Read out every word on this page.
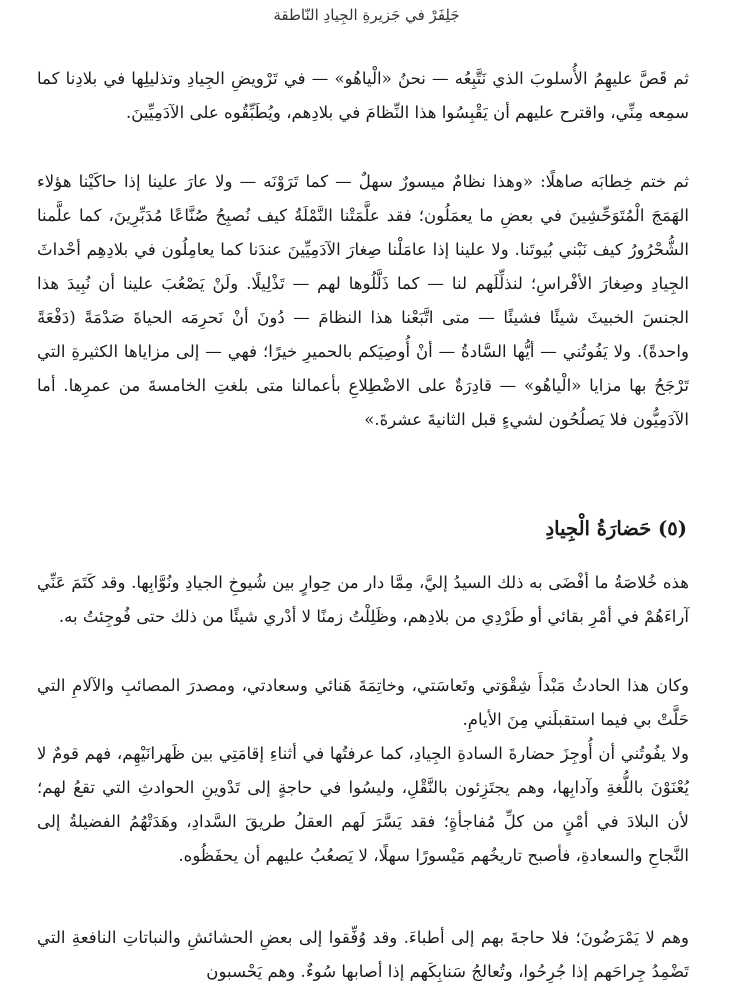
جَلِفَرْ في جَزيرةِ الجِيادِ النّاطقة

ثم قَصَّ عليهِمُ الأُسلوبَ الذي نَتَّبِعُه — نحنُ «الْياهُو» — في تَرْويضِ الجِيادِ وتذليلِها في بلادِنا كما سمِعه مِنِّي، واقترح عليهم أن يَقْبِسُوا هذا النِّظامَ في بلادِهم، ويُطَبِّقُوه على الآدَمِيِّينَ.

ثم ختم خِطابَه صاهلًا: «وهذا نظامٌ ميسورٌ سهلٌ — كما تَرَوْنَه — ولا عارَ علينا إذا حاكَيْنا هؤلاء الهَمَجَ الْمُتَوَحِّشِينَ في بعضِ ما يعمَلُون؛ فقد علَّمَتْنا النَّمْلَةُ كيف نُصبِحُ صُنَّاعًا مُدَبِّرِينَ، كما علَّمنا الشُّحْرُورُ كيف نَبْني بُيوتَنا. ولا علينا إذا عامَلْنا صِغارَ الآدَمِيِّينَ عندَنا كما يعامِلُون في بلادِهِم أحْداثَ الجِيادِ وصِغارَ الأفْراسِ؛ لنذلِّلَهم لنا — كما ذَلَّلُوها لهم — تَذْلِيلًا. ولَنْ يَصْعُبَ علينا أن نُبِيدَ هذا الجنسَ الخبيثَ شيئًا فشيئًا — متى اتَّبَعْنا هذا النظامَ — دُونَ أنْ نَحرِمَه الحياةَ صَدْمَةً (دَفْعَةً واحدةً). ولا يَفُوتُني — أيُّها السَّادةُ — أنْ أُوصِيَكم بالحميرِ خيرًا؛ فهي — إلى مزاياها الكثيرةِ التي تَرْجَحُ بها مزايا «الْياهُو» — قادِرَةٌ على الاضْطِلاعِ بأعمالنا متى بلغتِ الخامسةَ من عمرِها. أما الآدَمِيُّون فلا يَصلُحُون لشيءٍ قبل الثانيةَ عشرةَ.»

(٥) حَضارَةُ الْجِيادِ

هذه خُلاصَةُ ما أفْضَى به ذلك السيدُ إليَّ، مِمَّا دار من حِوارٍ بين شُيوخِ الجيادِ ونُوَّابِها. وقد كَتَمَ عَنِّي آراءَهُمْ في أمْرِ بقائي أو طَرْدِي من بلادِهم، وظَلِلْتُ زمنًا لا أدْري شيئًا من ذلك حتى فُوجِئتُ به.

وكان هذا الحادثُ مَبْدأَ شِقْوَتي وتَعاسَتي، وخاتِمَةَ هَنائي وسعادتي، ومصدرَ المصائبِ والآلامِ التي حَلَّتْ بي فيما استقبلَني مِنَ الأيامِ.

ولا يفُوتُني أن أُوجِزَ حضارةَ السادةِ الجِيادِ، كما عرفتُها في أثناءِ إقامَتِي بين ظَهرانَيْهِم، فهم قومٌ لا يُعْنَوْنَ باللُّغةِ وآدابِها، وهم يجتَزِئون بالنَّقْلِ، وليسُوا في حاجةٍ إلى تَدْوينِ الحوادثِ التي تقعُ لهم؛ لأن البلادَ في أمْنٍ من كلِّ مُفاجأةٍ؛ فقد يَسَّرَ لَهم العقلُ طريقَ السَّدادِ، وهَدَتْهُمُ الفضيلةُ إلى النَّجاحِ والسعادةِ، فأصبح تاريخُهم مَيْسورًا سهلًا، لا يَصعُبُ عليهم أن يحفَظُوه.

وهم لا يَمْرَضُونَ؛ فلا حاجةَ بهم إلى أطباءَ. وقد وُفِّقوا إلى بعضِ الحشائشِ والنباتاتِ النافعةِ التي تَضْمِدُ جِراحَهم إذا جُرِحُوا، وتُعالجُ سَنابِكَهم إذا أصابها سُوءٌ. وهم يَحْسبون
